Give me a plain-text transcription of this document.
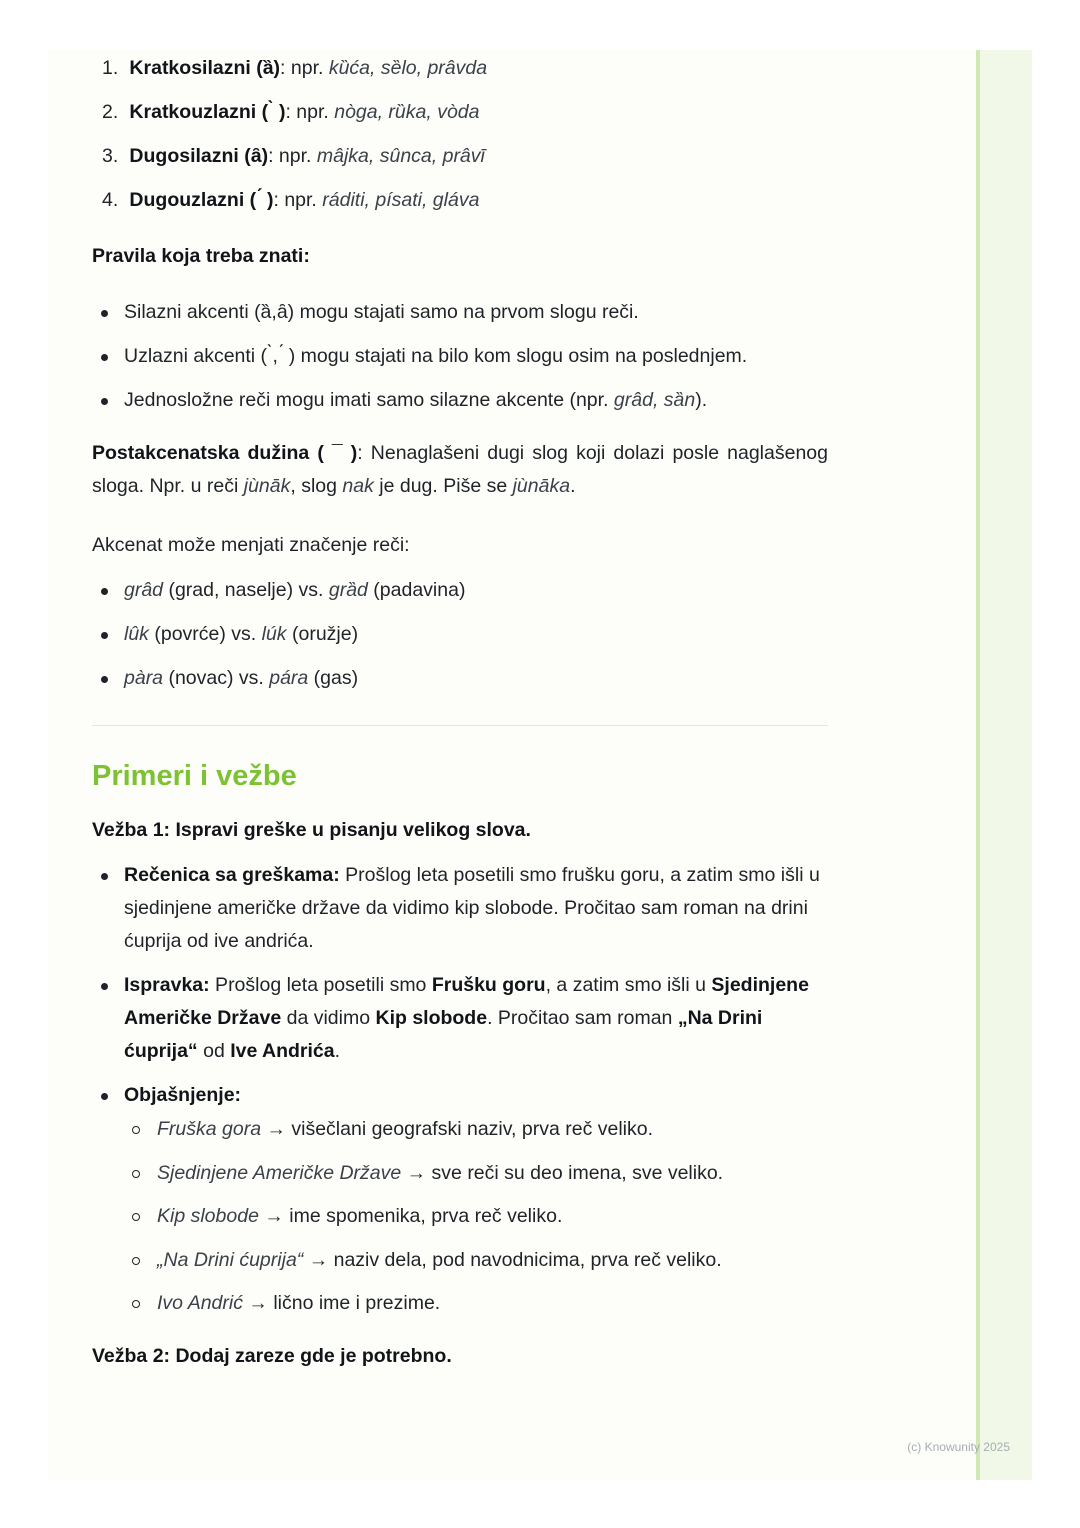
1. Kratkosilazni (ȁ): npr. kȕća, sȅlo, prâvda
2. Kratkouzlazni ( ̀ ): npr. nòga, rȕka, vòda
3. Dugosilazni (ȃ): npr. mâjka, sûnca, prâvī
4. Dugouzlazni ( ́ ): npr. ráditi, písati, gláva

Pravila koja treba znati:

Silazni akcenti (ȁ,ȃ) mogu stajati samo na prvom slogu reči.
Uzlazni akcenti ( ̀, ́ ) mogu stajati na bilo kom slogu osim na poslednjem.
Jednosložne reči mogu imati samo silazne akcente (npr. grâd, sȁn).

Postakcenatska dužina ( ¯ ): Nenaglašeni dugi slog koji dolazi posle naglašenog sloga. Npr. u reči jùnāk, slog nak je dug. Piše se jùnāka.

Akcenat može menjati značenje reči:

grâd (grad, naselje) vs. grȁd (padavina)
lûk (povrće) vs. lúk (oružje)
pàra (novac) vs. pára (gas)
Primeri i vežbe

Vežba 1: Ispravi greške u pisanju velikog slova.

Rečenica sa greškama: Prošlog leta posetili smo frušku goru, a zatim smo išli u sjedinjene američke države da vidimo kip slobode. Pročitao sam roman na drini ćuprija od ive andrića.
Ispravka: Prošlog leta posetili smo Frušku goru, a zatim smo išli u Sjedinjene Američke Države da vidimo Kip slobode. Pročitao sam roman „Na Drini ćuprija“ od Ive Andrića.
Objašnjenje:
Fruška gora → višečlani geografski naziv, prva reč veliko.
Sjedinjene Američke Države → sve reči su deo imena, sve veliko.
Kip slobode → ime spomenika, prva reč veliko.
„Na Drini ćuprija“ → naziv dela, pod navodnicima, prva reč veliko.
Ivo Andrić → lično ime i prezime.

Vežba 2: Dodaj zareze gde je potrebno.

(c) Knowunity 2025
